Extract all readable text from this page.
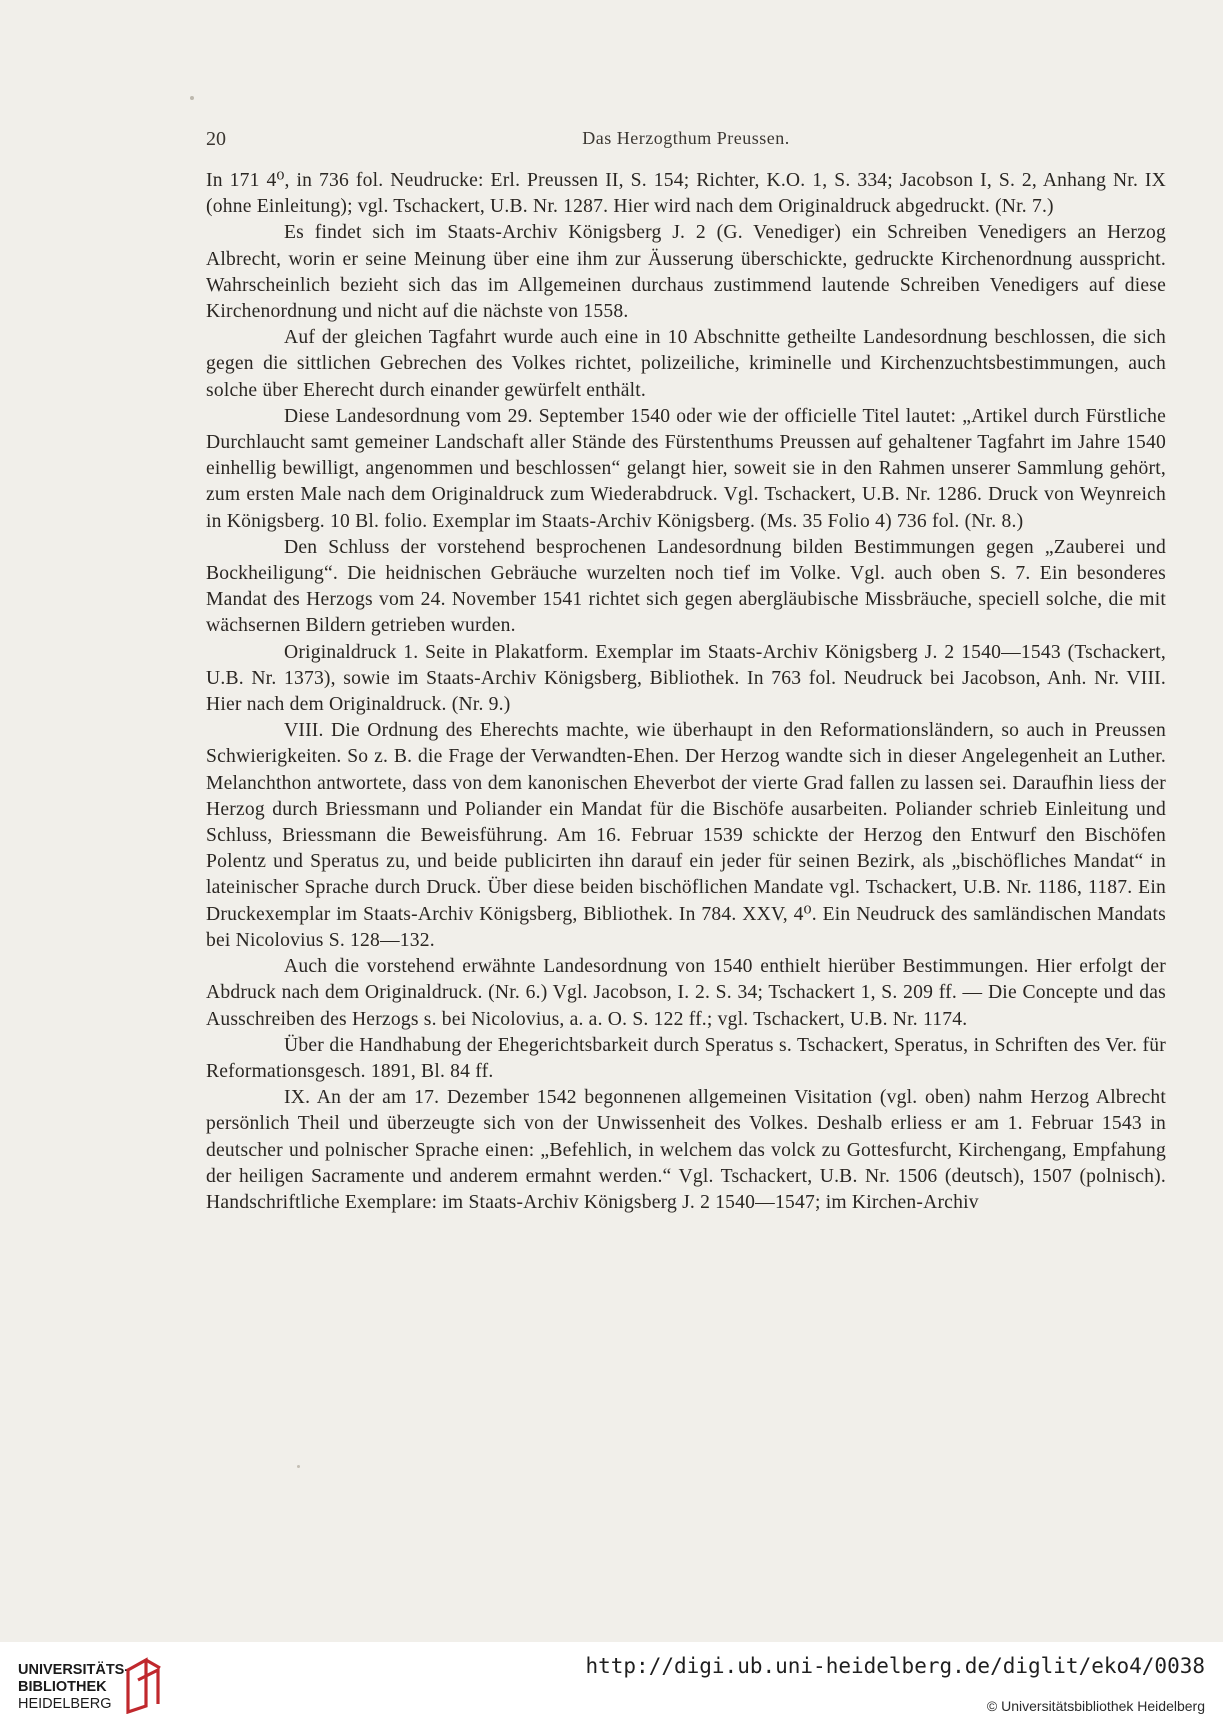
20	Das Herzogthum Preussen.

In 171 4⁰, in 736 fol. Neudrucke: Erl. Preussen II, S. 154; Richter, K.O. 1, S. 334; Jacobson I, S. 2, Anhang Nr. IX (ohne Einleitung); vgl. Tschackert, U.B. Nr. 1287. Hier wird nach dem Originaldruck abgedruckt. (Nr. 7.)

Es findet sich im Staats-Archiv Königsberg J. 2 (G. Venediger) ein Schreiben Venedigers an Herzog Albrecht, worin er seine Meinung über eine ihm zur Äusserung überschickte, gedruckte Kirchenordnung ausspricht. Wahrscheinlich bezieht sich das im Allgemeinen durchaus zustimmend lautende Schreiben Venedigers auf diese Kirchenordnung und nicht auf die nächste von 1558.

Auf der gleichen Tagfahrt wurde auch eine in 10 Abschnitte getheilte Landesordnung beschlossen, die sich gegen die sittlichen Gebrechen des Volkes richtet, polizeiliche, kriminelle und Kirchenzuchtsbestimmungen, auch solche über Eherecht durch einander gewürfelt enthält.

Diese Landesordnung vom 29. September 1540 oder wie der officielle Titel lautet: „Artikel durch Fürstliche Durchlaucht samt gemeiner Landschaft aller Stände des Fürstenthums Preussen auf gehaltener Tagfahrt im Jahre 1540 einhellig bewilligt, angenommen und beschlossen“ gelangt hier, soweit sie in den Rahmen unserer Sammlung gehört, zum ersten Male nach dem Originaldruck zum Wiederabdruck. Vgl. Tschackert, U.B. Nr. 1286. Druck von Weynreich in Königsberg. 10 Bl. folio. Exemplar im Staats-Archiv Königsberg. (Ms. 35 Folio 4) 736 fol. (Nr. 8.)

Den Schluss der vorstehend besprochenen Landesordnung bilden Bestimmungen gegen „Zauberei und Bockheiligung“. Die heidnischen Gebräuche wurzelten noch tief im Volke. Vgl. auch oben S. 7. Ein besonderes Mandat des Herzogs vom 24. November 1541 richtet sich gegen abergläubische Missbräuche, speciell solche, die mit wächsernen Bildern getrieben wurden.

Originaldruck 1. Seite in Plakatform. Exemplar im Staats-Archiv Königsberg J. 2 1540—1543 (Tschackert, U.B. Nr. 1373), sowie im Staats-Archiv Königsberg, Bibliothek. In 763 fol. Neudruck bei Jacobson, Anh. Nr. VIII. Hier nach dem Originaldruck. (Nr. 9.)

VIII. Die Ordnung des Eherechts machte, wie überhaupt in den Reformationsländern, so auch in Preussen Schwierigkeiten. So z. B. die Frage der Verwandten-Ehen. Der Herzog wandte sich in dieser Angelegenheit an Luther. Melanchthon antwortete, dass von dem kanonischen Eheverbot der vierte Grad fallen zu lassen sei. Daraufhin liess der Herzog durch Briessmann und Poliander ein Mandat für die Bischöfe ausarbeiten. Poliander schrieb Einleitung und Schluss, Briessmann die Beweisführung. Am 16. Februar 1539 schickte der Herzog den Entwurf den Bischöfen Polentz und Speratus zu, und beide publicirten ihn darauf ein jeder für seinen Bezirk, als „bischöfliches Mandat“ in lateinischer Sprache durch Druck. Über diese beiden bischöflichen Mandate vgl. Tschackert, U.B. Nr. 1186, 1187. Ein Druckexemplar im Staats-Archiv Königsberg, Bibliothek. In 784. XXV, 4⁰. Ein Neudruck des samländischen Mandats bei Nicolovius S. 128—132.

Auch die vorstehend erwähnte Landesordnung von 1540 enthielt hierüber Bestimmungen. Hier erfolgt der Abdruck nach dem Originaldruck. (Nr. 6.) Vgl. Jacobson, I. 2. S. 34; Tschackert 1, S. 209 ff. — Die Concepte und das Ausschreiben des Herzogs s. bei Nicolovius, a. a. O. S. 122 ff.; vgl. Tschackert, U.B. Nr. 1174.

Über die Handhabung der Ehegerichtsbarkeit durch Speratus s. Tschackert, Speratus, in Schriften des Ver. für Reformationsgesch. 1891, Bl. 84 ff.

IX. An der am 17. Dezember 1542 begonnenen allgemeinen Visitation (vgl. oben) nahm Herzog Albrecht persönlich Theil und überzeugte sich von der Unwissenheit des Volkes. Deshalb erliess er am 1. Februar 1543 in deutscher und polnischer Sprache einen: „Befehlich, in welchem das volck zu Gottesfurcht, Kirchengang, Empfahung der heiligen Sacramente und anderem ermahnt werden.“ Vgl. Tschackert, U.B. Nr. 1506 (deutsch), 1507 (polnisch). Handschriftliche Exemplare: im Staats-Archiv Königsberg J. 2 1540—1547; im Kirchen-Archiv

UNIVERSITÄTS-
BIBLIOTHEK
HEIDELBERG
http://digi.ub.uni-heidelberg.de/diglit/eko4/0038
© Universitätsbibliothek Heidelberg
